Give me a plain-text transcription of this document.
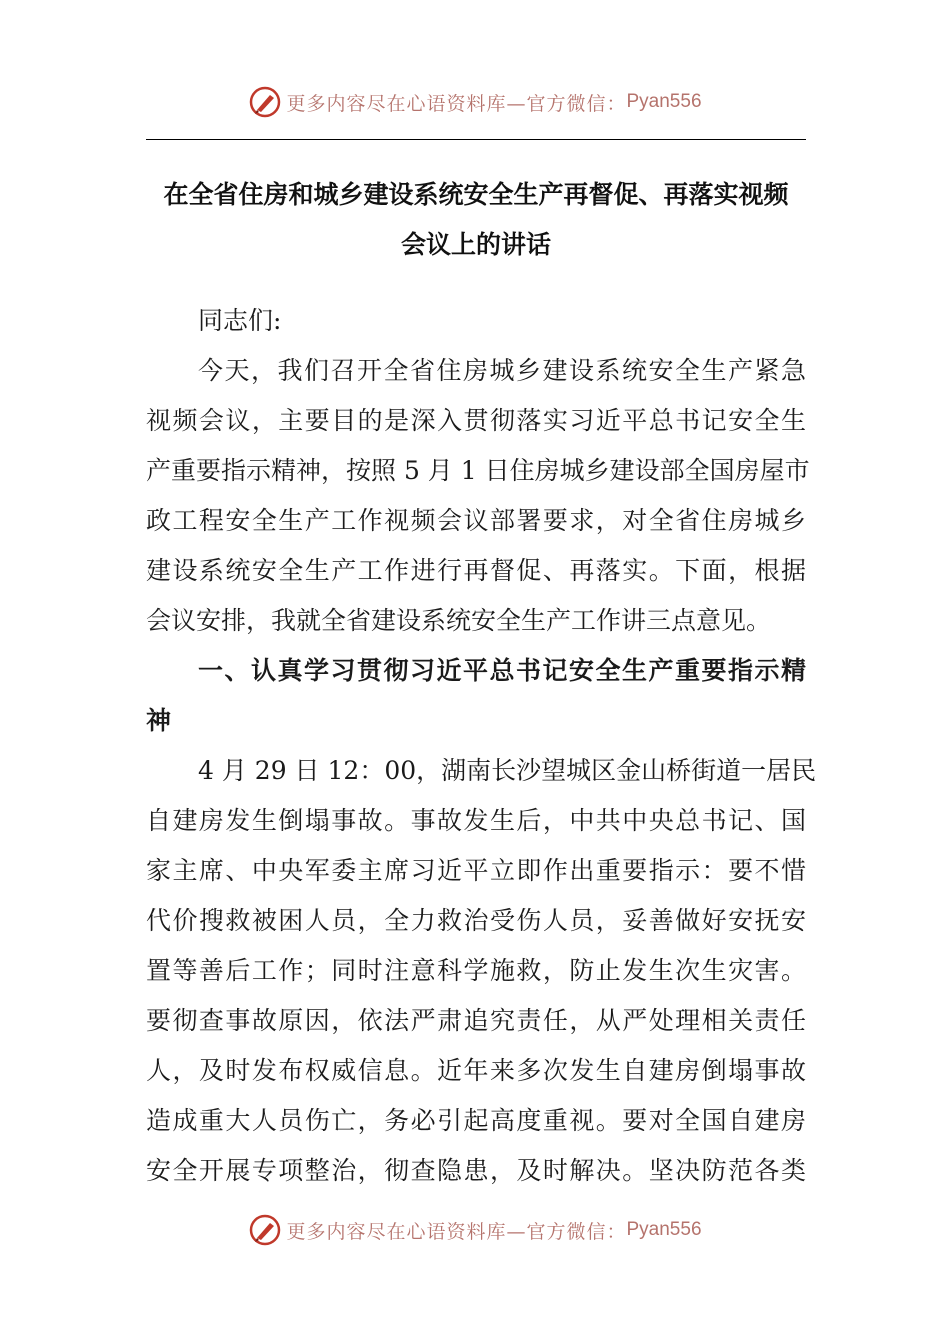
更多内容尽在心语资料库—官方微信： Pyan556
在全省住房和城乡建设系统安全生产再督促、再落实视频
会议上的讲话
同志们:
今天，我们召开全省住房城乡建设系统安全生产紧急
视频会议，主要目的是深入贯彻落实习近平总书记安全生
产重要指示精神，按照 5 月 1 日住房城乡建设部全国房屋市
政工程安全生产工作视频会议部署要求，对全省住房城乡
建设系统安全生产工作进行再督促、再落实。下面，根据
会议安排，我就全省建设系统安全生产工作讲三点意见。
一、认真学习贯彻习近平总书记安全生产重要指示精
神
4 月 29 日 12：00，湖南长沙望城区金山桥街道一居民
自建房发生倒塌事故。事故发生后，中共中央总书记、国
家主席、中央军委主席习近平立即作出重要指示：要不惜
代价搜救被困人员，全力救治受伤人员，妥善做好安抚安
置等善后工作；同时注意科学施救，防止发生次生灾害。
要彻查事故原因，依法严肃追究责任，从严处理相关责任
人，及时发布权威信息。近年来多次发生自建房倒塌事故
造成重大人员伤亡，务必引起高度重视。要对全国自建房
安全开展专项整治，彻查隐患，及时解决。坚决防范各类
更多内容尽在心语资料库—官方微信： Pyan556
